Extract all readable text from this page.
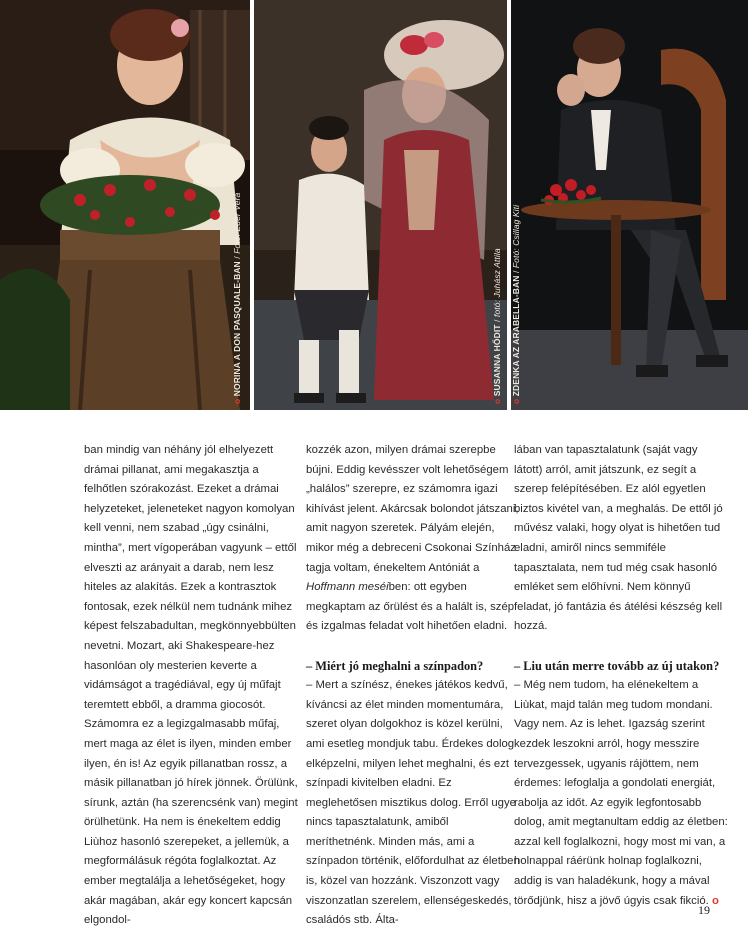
o NORINA A DON PASQUALE-BAN / Fotó: Éder Vera
o SUSANNA HŐDIT / fotó: Juhász Attila
o ZDENKA AZ ARABELLA-BAN / Fotó: Csillag Kiti

ban mindig van néhány jól elhelyezett drámai pillanat, ami megakasztja a felhőtlen szórakozást. Ezeket a drámai helyzeteket, jeleneteket nagyon komolyan kell venni, nem szabad „úgy csinálni, mintha”, mert vígoperában vagyunk – ettől elveszti az arányait a darab, nem lesz hiteles az alakítás. Ezek a kontrasztok fontosak, ezek nélkül nem tudnánk mihez képest felszabadultan, megkönnyebbülten nevetni. Mozart, aki Shakespeare-hez hasonlóan oly mesterien keverte a vidámságot a tragédiával, egy új műfajt teremtett ebből, a dramma giocosót. Számomra ez a legizgalmasabb műfaj, mert maga az élet is ilyen, minden ember ilyen, én is! Az egyik pillanatban rossz, a másik pillanatban jó hírek jönnek. Örülünk, sírunk, aztán (ha szerencsénk van) megint örülhetünk. Ha nem is énekeltem eddig Liùhoz hasonló szerepeket, a jellemük, a megformálásuk régóta foglalkoztat. Az ember megtalálja a lehetőségeket, hogy akár magában, akár egy koncert kapcsán elgondol-

kozzék azon, milyen drámai szerepbe bújni. Eddig kevésszer volt lehetőségem „halálos” szerepre, ez számomra igazi kihívást jelent. Akárcsak bolondot játszani, amit nagyon szeretek. Pályám elején, mikor még a debreceni Csokonai Színház tagja voltam, énekeltem Antóniát a Hoffmann meséiben: ott egyben megkaptam az őrülést és a halált is, szép és izgalmas feladat volt hihetően eladni.

– Miért jó meghalni a színpadon?

– Mert a színész, énekes játékos kedvű, kíváncsi az élet minden momentumára, szeret olyan dolgokhoz is közel kerülni, ami esetleg mondjuk tabu. Érdekes dolog elképzelni, milyen lehet meghalni, és ezt színpadi kivitelben eladni. Ez meglehetősen misztikus dolog. Erről ugye nincs tapasztalatunk, amiből meríthetnénk. Minden más, ami a színpadon történik, előfordulhat az életben is, közel van hozzánk. Viszonzott vagy viszonzatlan szerelem, ellenségeskedés, családós stb. Álta-

lában van tapasztalatunk (saját vagy látott) arról, amit játszunk, ez segít a szerep felépítésében. Ez alól egyetlen biztos kivétel van, a meghalás. De ettől jó művész valaki, hogy olyat is hihetően tud eladni, amiről nincs semmiféle tapasztalata, nem tud még csak hasonló emléket sem előhívni. Nem könnyű feladat, jó fantázia és átélési készség kell hozzá.

– Liu után merre tovább az új utakon?

– Még nem tudom, ha elénekeltem a Liùkat, majd talán meg tudom mondani. Vagy nem. Az is lehet. Igazság szerint kezdek leszokni arról, hogy messzire tervezgessek, ugyanis rájöttem, nem érdemes: lefoglalja a gondolati energiát, rabolja az időt. Az egyik legfontosabb dolog, amit megtanultam eddig az életben: azzal kell foglalkozni, hogy most mi van, a holnappal ráérünk holnap foglalkozni, addig is van haladékunk, hogy a mával törődjünk, hisz a jövő úgyis csak fikció. o

19
